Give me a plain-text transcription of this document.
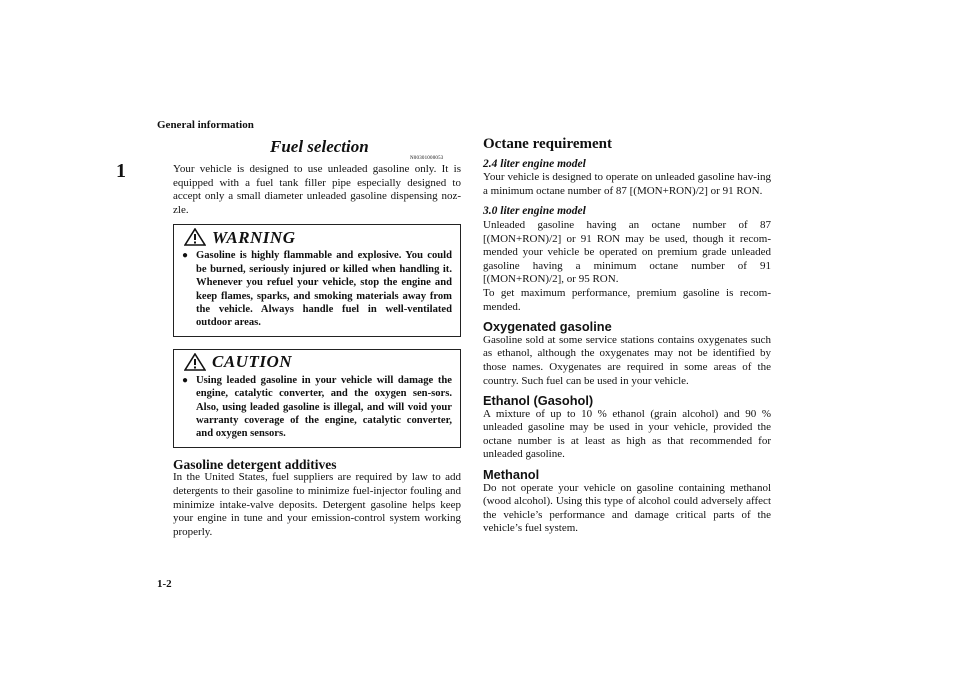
General information
1
1-2
Fuel selection
N00301000053
Your vehicle is designed to use unleaded gasoline only. It is equipped with a fuel tank filler pipe especially designed to accept only a small diameter unleaded gasoline dispensing noz-zle.
WARNING
● Gasoline is highly flammable and explosive. You could be burned, seriously injured or killed when handling it. Whenever you refuel your vehicle, stop the engine and keep flames, sparks, and smoking materials away from the vehicle. Always handle fuel in well-ventilated outdoor areas.
CAUTION
● Using leaded gasoline in your vehicle will damage the engine, catalytic converter, and the oxygen sen-sors. Also, using leaded gasoline is illegal, and will void your warranty coverage of the engine, catalytic converter, and oxygen sensors.
Gasoline detergent additives
In the United States, fuel suppliers are required by law to add detergents to their gasoline to minimize fuel-injector fouling and minimize intake-valve deposits. Detergent gasoline helps keep your engine in tune and your emission-control system working properly.
Octane requirement
2.4 liter engine model
Your vehicle is designed to operate on unleaded gasoline hav-ing a minimum octane number of 87 [(MON+RON)/2] or 91 RON.
3.0 liter engine model
Unleaded gasoline having an octane number of 87 [(MON+RON)/2] or 91 RON may be used, though it recom-mended your vehicle be operated on premium grade unleaded gasoline having a minimum octane number of 91 [(MON+RON)/2], or 95 RON.
To get maximum performance, premium gasoline is recom-mended.
Oxygenated gasoline
Gasoline sold at some service stations contains oxygenates such as ethanol, although the oxygenates may not be identified by those names. Oxygenates are required in some areas of the country. Such fuel can be used in your vehicle.
Ethanol (Gasohol)
A mixture of up to 10 % ethanol (grain alcohol) and 90 % unleaded gasoline may be used in your vehicle, provided the octane number is at least as high as that recommended for unleaded gasoline.
Methanol
Do not operate your vehicle on gasoline containing methanol (wood alcohol). Using this type of alcohol could adversely affect the vehicle’s performance and damage critical parts of the vehicle’s fuel system.
